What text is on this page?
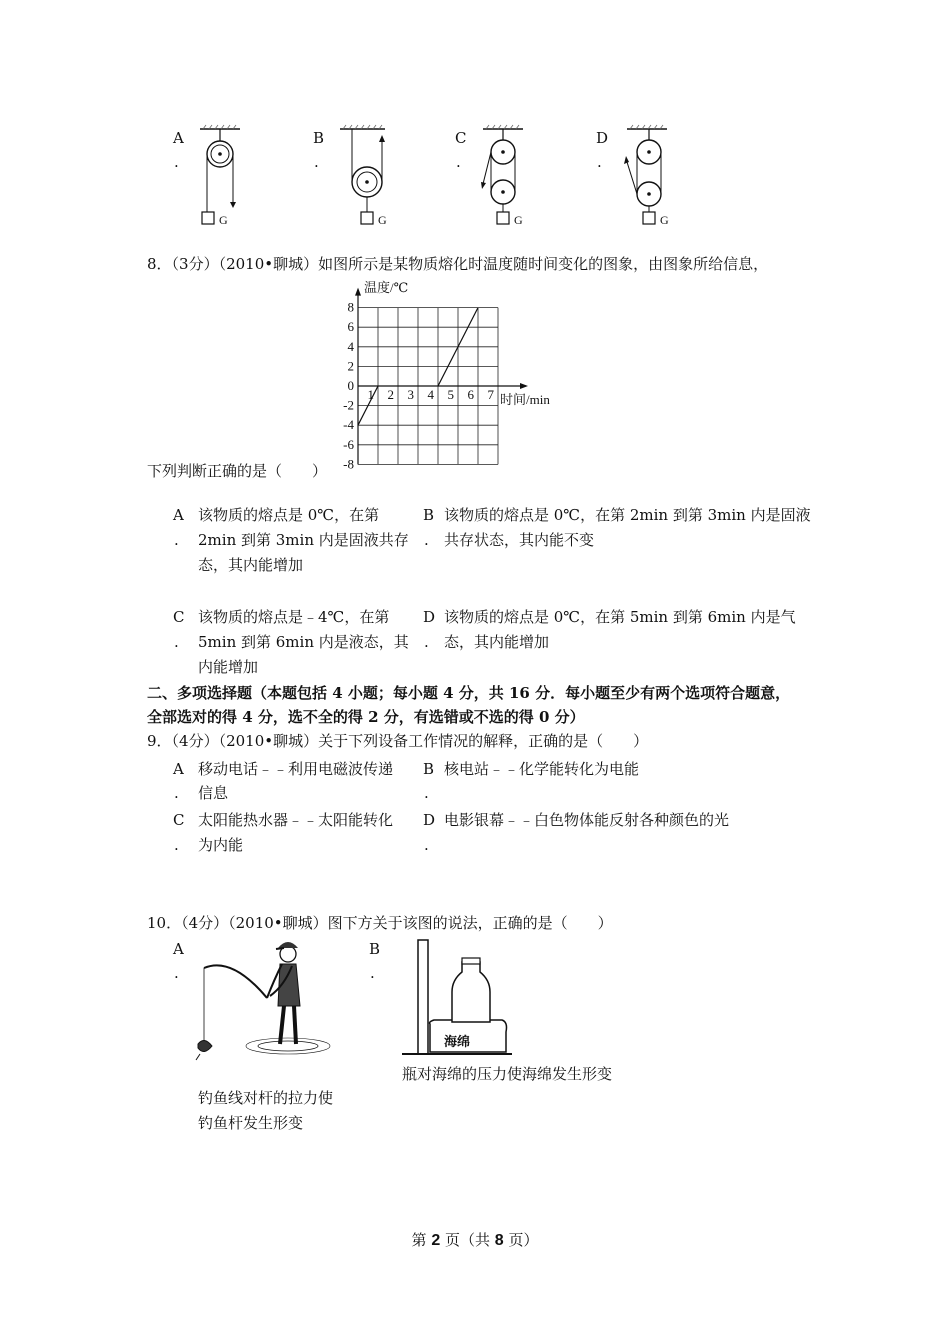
A
.
B
.
C
.
D
.
G	G	G	G
8．（3分）（2010•聊城）如图所示是某物质熔化时温度随时间变化的图象，由图象所给信息，
8
6
4
2
0
-2
-4
-6
-8
1 2 3 4 5 6 7
温度/℃
时间/min
下列判断正确的是（　　）
A
.
该物质的熔点是 0℃，在第
2min 到第 3min 内是固液共存
态，其内能增加
B
.
该物质的熔点是 0℃，在第 2min 到第 3min 内是固液
共存状态，其内能不变
C
.
该物质的熔点是﹣4℃，在第
5min 到第 6min 内是液态，其
内能增加
D
.
该物质的熔点是 0℃，在第 5min 到第 6min 内是气
态，其内能增加
二、多项选择题（本题包括 4 小题；每小题 4 分，共 16 分．每小题至少有两个选项符合题意，
全部选对的得 4 分，选不全的得 2 分，有选错或不选的得 0 分）
9．（4分）（2010•聊城）关于下列设备工作情况的解释，正确的是（　　）
A
.
移动电话﹣﹣利用电磁波传递
信息
B
.
核电站﹣﹣化学能转化为电能
C
.
太阳能热水器﹣﹣太阳能转化
为内能
D
.
电影银幕﹣﹣白色物体能反射各种颜色的光
10．（4分）（2010•聊城）图下方关于该图的说法，正确的是（　　）
A
.
钓鱼线对杆的拉力使
钓鱼杆发生形变
B
.
海绵
瓶对海绵的压力使海绵发生形变
第 2 页（共 8 页）
